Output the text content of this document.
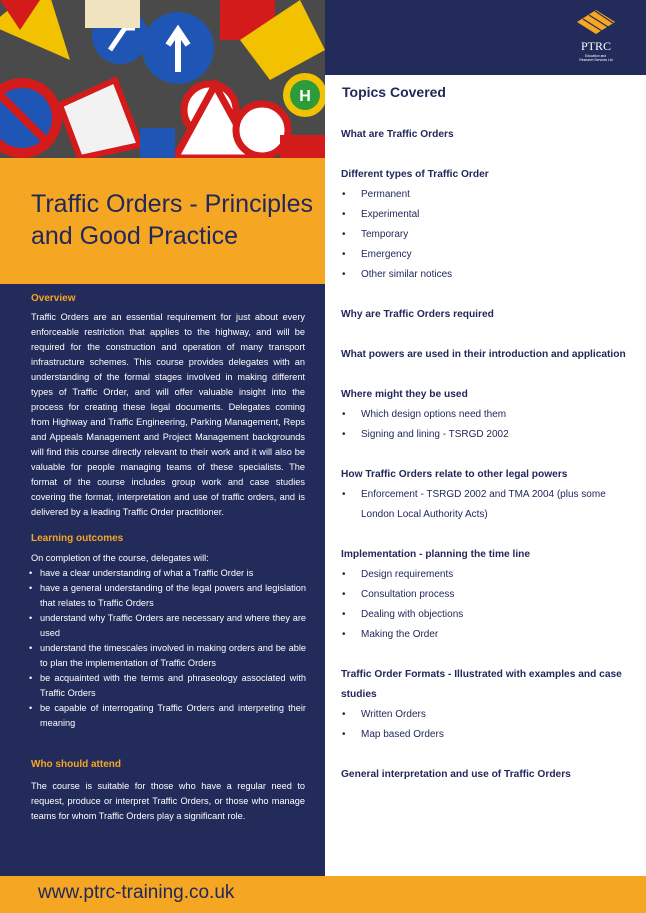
H
Traffic Orders - Principles and Good Practice
Overview

Traffic Orders are an essential requirement for just about every enforceable restriction that applies to the highway, and will be required for the construction and operation of many transport infrastructure schemes. This course provides delegates with an understanding of the formal stages involved in making different types of Traffic Order, and will offer valuable insight into the process for creating these legal documents. Delegates coming from Highway and Traffic Engineering, Parking Management, Reps and Appeals Management and Project Management backgrounds will find this course directly relevant to their work and it will also be valuable for people managing teams of these specialists. The format of the course includes group work and case studies covering the format, interpretation and use of traffic orders, and is delivered by a leading Traffic Order practitioner.

Learning outcomes

On completion of the course, delegates will:

• have a clear understanding of what a Traffic Order is
• have a general understanding of the legal powers and legislation that relates to Traffic Orders
• understand why Traffic Orders are necessary and where they are used
• understand the timescales involved in making orders and be able to plan the implementation of Traffic Orders
• be acquainted with the terms and phraseology associated with Traffic Orders
• be capable of interrogating Traffic Orders and interpreting their meaning
Who should attend

The course is suitable for those who have a regular need to request, produce or interpret Traffic Orders, or those who manage teams for whom Traffic Orders play a significant role.

PTRC
Education and Research Services Ltd
Topics Covered

What are Traffic Orders

Different types of Traffic Order

• Permanent
• Experimental
• Temporary
• Emergency
• Other similar notices

Why are Traffic Orders required

What powers are used in their introduction and application

Where might they be used

• Which design options need them
• Signing and lining - TSRGD 2002

How Traffic Orders relate to other legal powers

• Enforcement - TSRGD 2002 and TMA 2004 (plus some London Local Authority Acts)

Implementation - planning the time line

• Design requirements
• Consultation process
• Dealing with objections
• Making the Order

Traffic Order Formats - Illustrated with examples and case studies

• Written Orders
• Map based Orders

General interpretation and use of Traffic Orders

www.ptrc-training.co.uk
